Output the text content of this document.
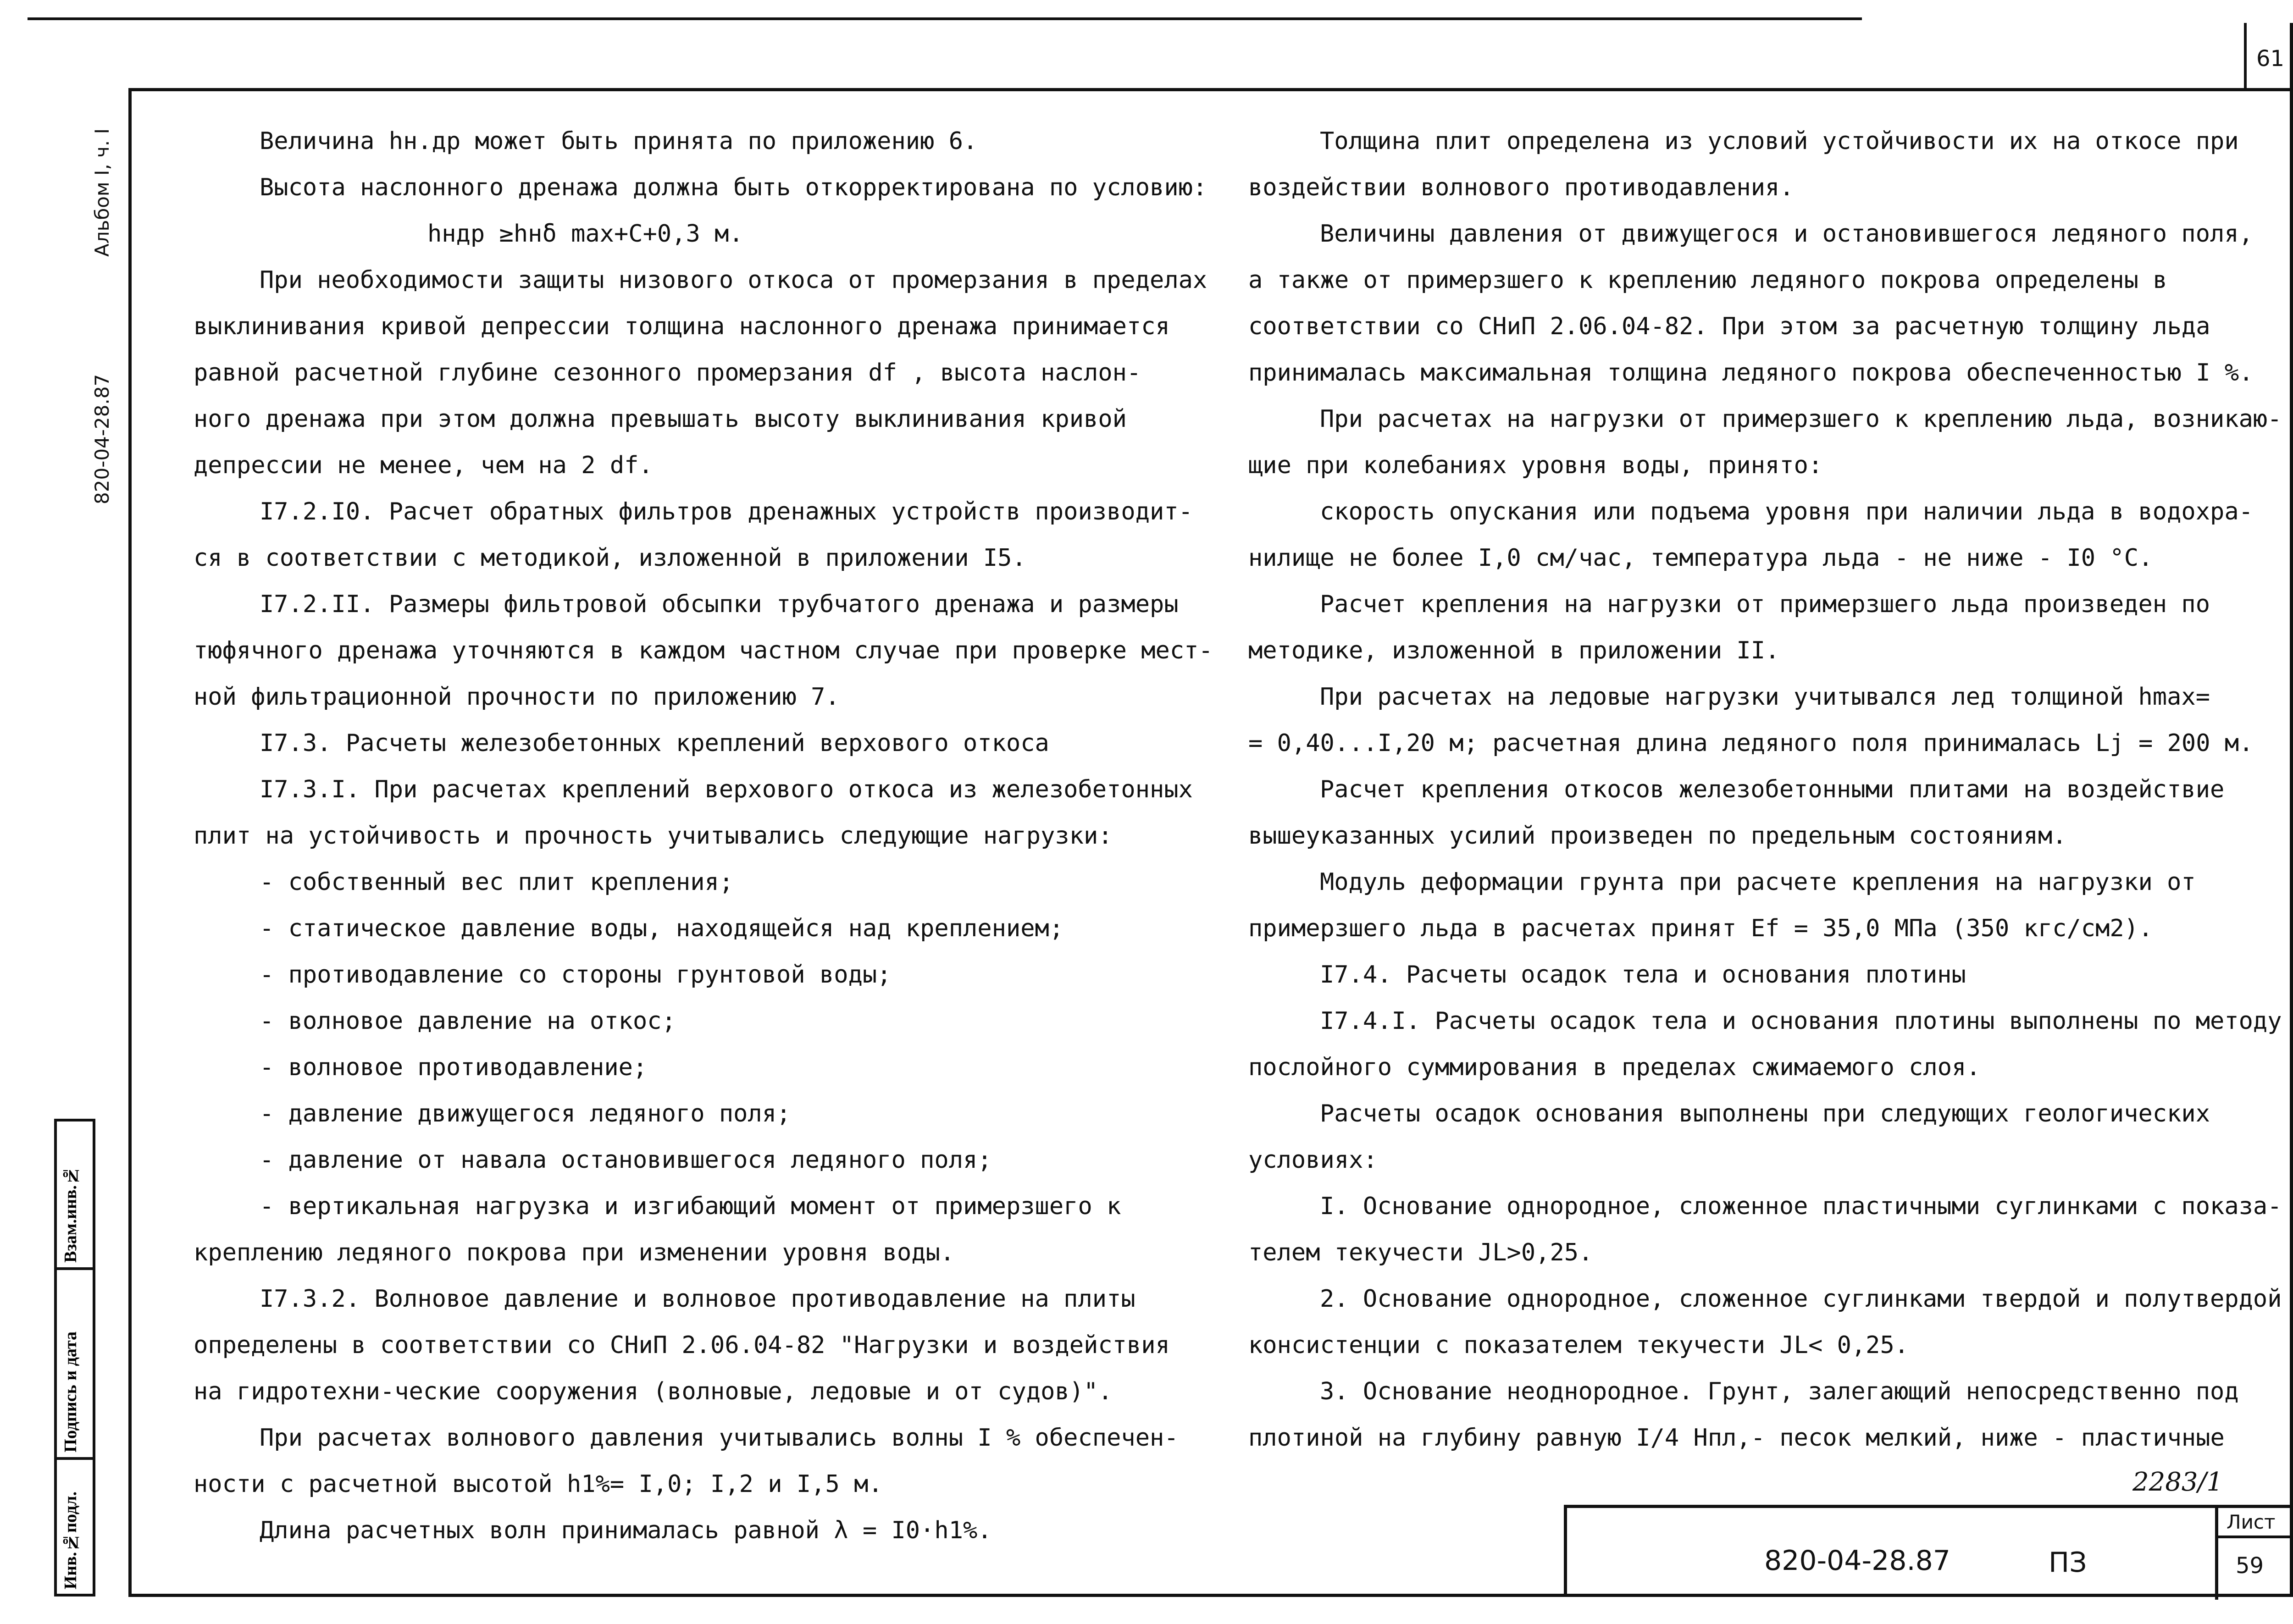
61
Альбом I, ч. I
820-04-28.87
Взам.инв.№
Подпись и дата
Инв.№подл.

Величина hн.др может быть принята по приложению 6.

Высота наслонного дренажа должна быть откорректирована по условию:

hндр ≥hнδ max+C+0,3 м.

При необходимости защиты низового откоса от промерзания в пределах

выклинивания кривой депрессии толщина наслонного дренажа принимается

равной расчетной глубине сезонного промерзания df , высота наслон-

ного дренажа при этом должна превышать высоту выклинивания кривой

депрессии не менее, чем на 2 df.

I7.2.I0. Расчет обратных фильтров дренажных устройств производит-

ся в соответствии с методикой, изложенной в приложении I5.

I7.2.II. Размеры фильтровой обсыпки трубчатого дренажа и размеры

тюфячного дренажа уточняются в каждом частном случае при проверке мест-

ной фильтрационной прочности по приложению 7.

I7.3. Расчеты железобетонных креплений верхового откоса

I7.3.I. При расчетах креплений верхового откоса из железобетонных

плит на устойчивость и прочность учитывались следующие нагрузки:

- собственный вес плит крепления;

- статическое давление воды, находящейся над креплением;

- противодавление со стороны грунтовой воды;

- волновое давление на откос;

- волновое противодавление;

- давление движущегося ледяного поля;

- давление от навала остановившегося ледяного поля;

- вертикальная нагрузка и изгибающий момент от примерзшего к

креплению ледяного покрова при изменении уровня воды.

I7.3.2. Волновое давление и волновое противодавление на плиты

определены в соответствии со СНиП 2.06.04-82 "Нагрузки и воздействия

на гидротехни-ческие сооружения (волновые, ледовые и от судов)".

При расчетах волнового давления учитывались волны I % обеспечен-

ности с расчетной высотой h1%= I,0; I,2 и I,5 м.

Длина расчетных волн принималась равной λ = I0·h1%.

Толщина плит определена из условий устойчивости их на откосе при

воздействии волнового противодавления.

Величины давления от движущегося и остановившегося ледяного поля,

а также от примерзшего к креплению ледяного покрова определены в

соответствии со СНиП 2.06.04-82. При этом за расчетную толщину льда

принималась максимальная толщина ледяного покрова обеспеченностью I %.

При расчетах на нагрузки от примерзшего к креплению льда, возникаю-

щие при колебаниях уровня воды, принято:

скорость опускания или подъема уровня при наличии льда в водохра-

нилище не более I,0 см/час, температура льда - не ниже - I0 °C.

Расчет крепления на нагрузки от примерзшего льда произведен по

методике, изложенной в приложении II.

При расчетах на ледовые нагрузки учитывался лед толщиной hmax=

= 0,40...I,20 м; расчетная длина ледяного поля принималась Lj = 200 м.

Расчет крепления откосов железобетонными плитами на воздействие

вышеуказанных усилий произведен по предельным состояниям.

Модуль деформации грунта при расчете крепления на нагрузки от

примерзшего льда в расчетах принят Ef = 35,0 МПа (350 кгс/см2).

I7.4. Расчеты осадок тела и основания плотины

I7.4.I. Расчеты осадок тела и основания плотины выполнены по методу

послойного суммирования в пределах сжимаемого слоя.

Расчеты осадок основания выполнены при следующих геологических

условиях:

I. Основание однородное, сложенное пластичными суглинками с показа-

телем текучести JL>0,25.

2. Основание однородное, сложенное суглинками твердой и полутвердой

консистенции с показателем текучести JL< 0,25.

3. Основание неоднородное. Грунт, залегающий непосредственно под

плотиной на глубину равную I/4 Hпл,- песок мелкий, ниже - пластичные

2283/1
820-04-28.87	ПЗ
Лист
59
